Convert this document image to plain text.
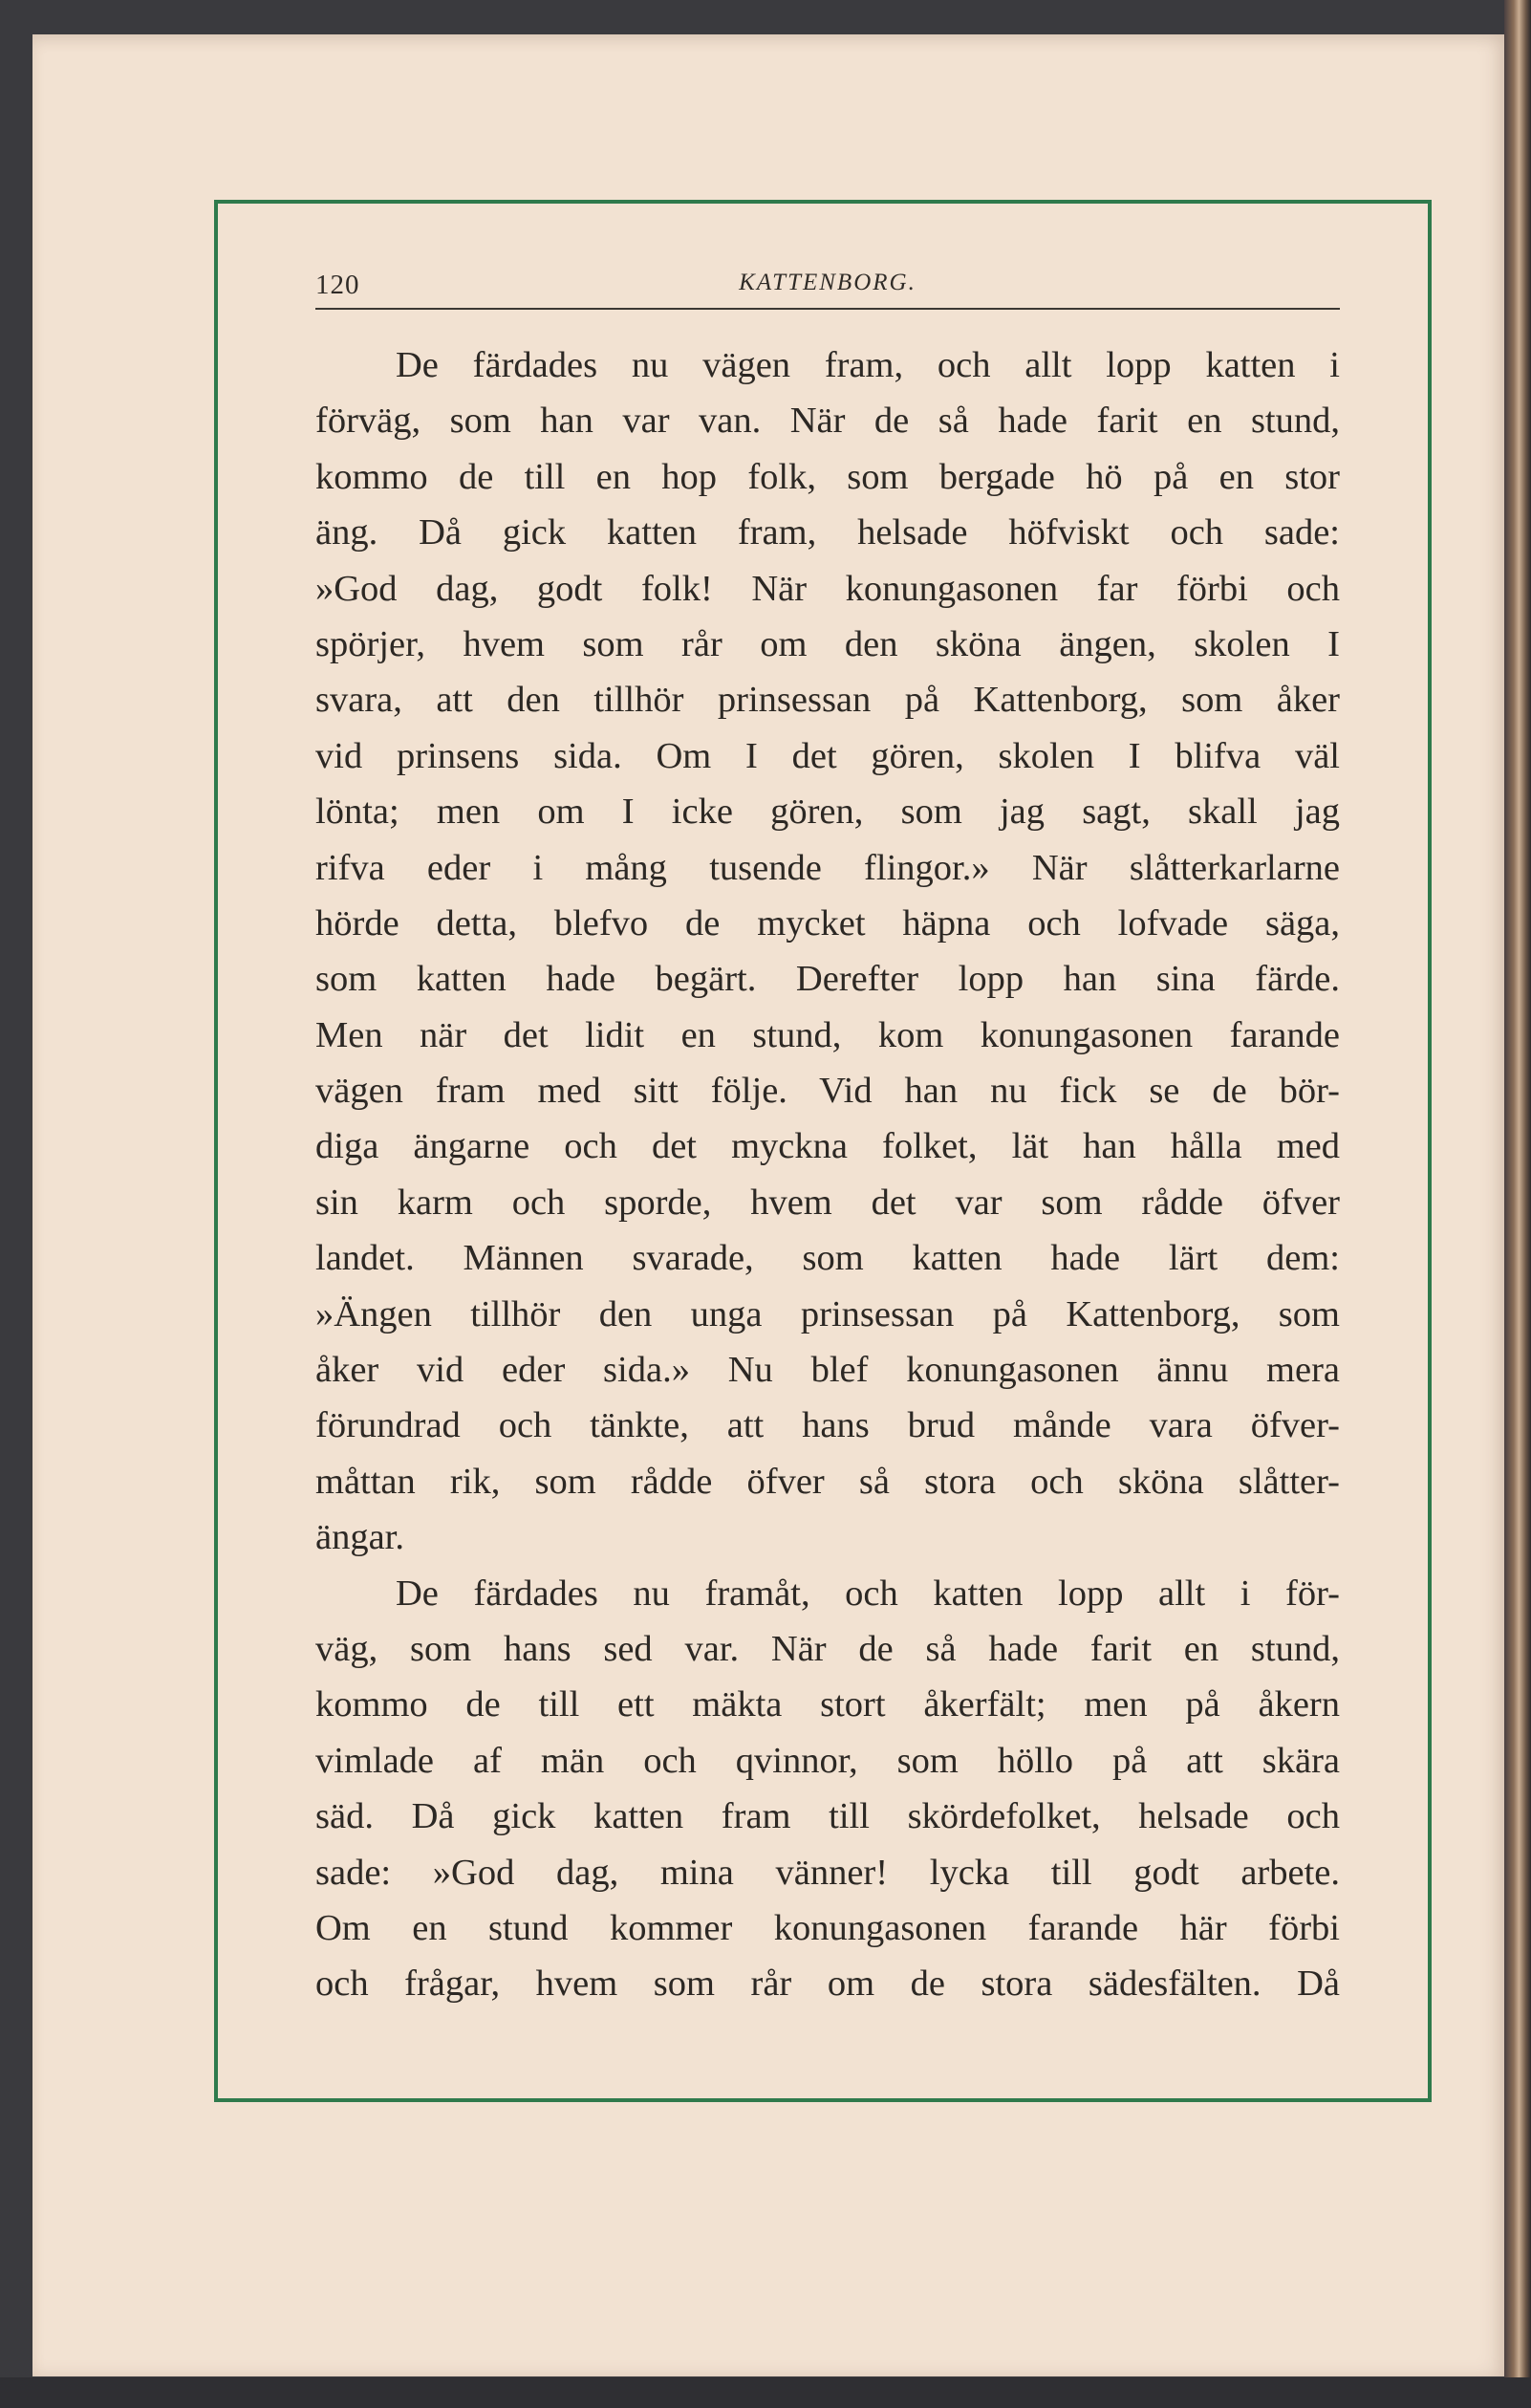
120	KATTENBORG.
De färdades nu vägen fram, och allt lopp katten i
förväg, som han var van. När de så hade farit en stund,
kommo de till en hop folk, som bergade hö på en stor
äng. Då gick katten fram, helsade höfviskt och sade:
»God dag, godt folk! När konungasonen far förbi och
spörjer, hvem som rår om den sköna ängen, skolen I
svara, att den tillhör prinsessan på Kattenborg, som åker
vid prinsens sida. Om I det gören, skolen I blifva väl
lönta; men om I icke gören, som jag sagt, skall jag
rifva eder i mång tusende flingor.» När slåtterkarlarne
hörde detta, blefvo de mycket häpna och lofvade säga,
som katten hade begärt. Derefter lopp han sina färde.
Men när det lidit en stund, kom konungasonen farande
vägen fram med sitt följe. Vid han nu fick se de bör-
diga ängarne och det myckna folket, lät han hålla med
sin karm och sporde, hvem det var som rådde öfver
landet. Männen svarade, som katten hade lärt dem:
»Ängen tillhör den unga prinsessan på Kattenborg, som
åker vid eder sida.» Nu blef konungasonen ännu mera
förundrad och tänkte, att hans brud månde vara öfver-
måttan rik, som rådde öfver så stora och sköna slåtter-
ängar.
De färdades nu framåt, och katten lopp allt i för-
väg, som hans sed var. När de så hade farit en stund,
kommo de till ett mäkta stort åkerfält; men på åkern
vimlade af män och qvinnor, som höllo på att skära
säd. Då gick katten fram till skördefolket, helsade och
sade: »God dag, mina vänner! lycka till godt arbete.
Om en stund kommer konungasonen farande här förbi
och frågar, hvem som rår om de stora sädesfälten. Då
